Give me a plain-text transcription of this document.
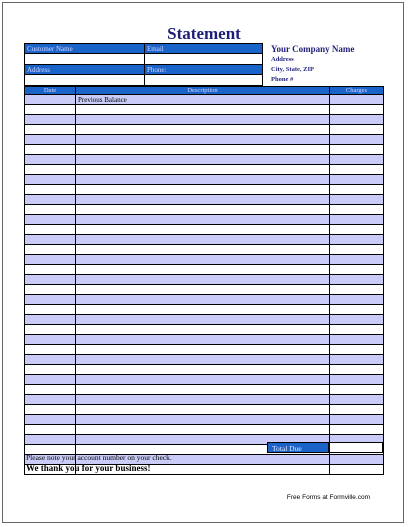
Statement
Customer Name	Email

Address	Phone:

Your Company Name
Address
City, State, ZIP
Phone #
Date	Description	Charges
	Previous Balance	

Total Due
Please note your account number on your check.
We thank you for your business!
Free Forms at Formville.com
